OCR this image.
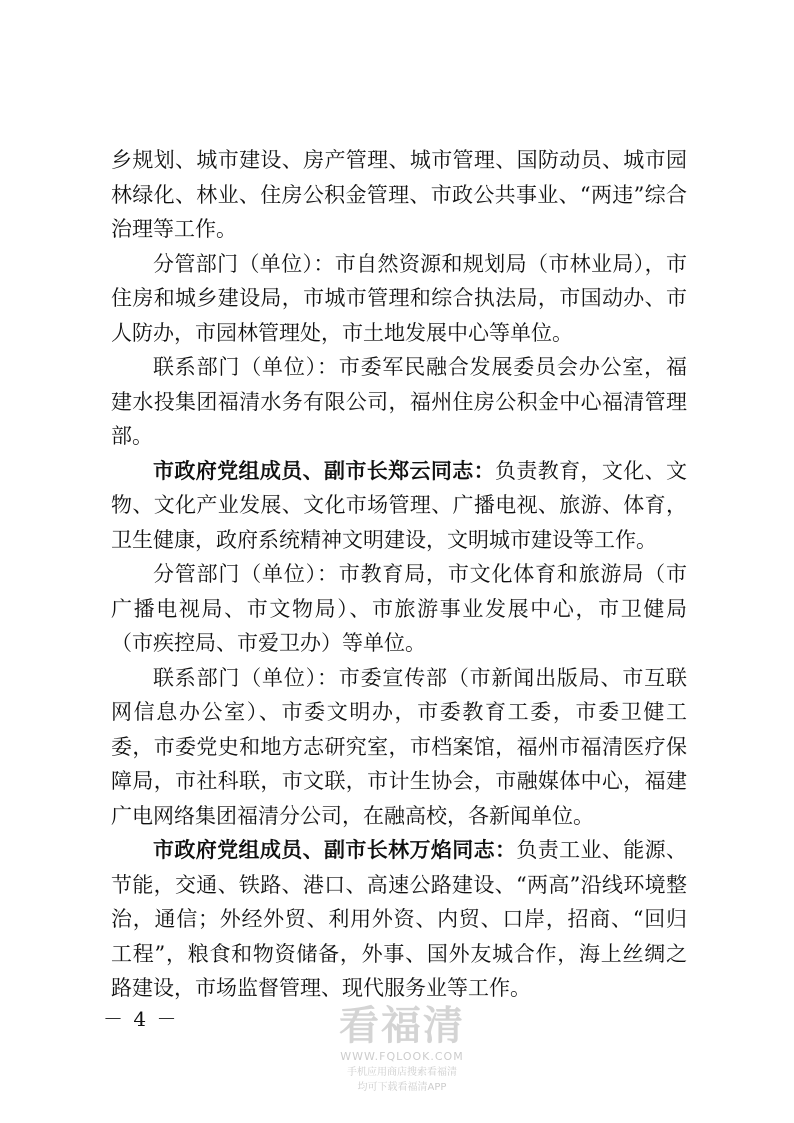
乡规划、城市建设、房产管理、城市管理、国防动员、城市园林绿化、林业、住房公积金管理、市政公共事业、“两违”综合治理等工作。

分管部门（单位）：市自然资源和规划局（市林业局），市住房和城乡建设局，市城市管理和综合执法局，市国动办、市人防办，市园林管理处，市土地发展中心等单位。

联系部门（单位）：市委军民融合发展委员会办公室，福建水投集团福清水务有限公司，福州住房公积金中心福清管理部。

市政府党组成员、副市长郑云同志：负责教育，文化、文物、文化产业发展、文化市场管理、广播电视、旅游、体育，卫生健康，政府系统精神文明建设，文明城市建设等工作。

分管部门（单位）：市教育局，市文化体育和旅游局（市广播电视局、市文物局）、市旅游事业发展中心，市卫健局（市疾控局、市爱卫办）等单位。

联系部门（单位）：市委宣传部（市新闻出版局、市互联网信息办公室）、市委文明办，市委教育工委，市委卫健工委，市委党史和地方志研究室，市档案馆，福州市福清医疗保障局，市社科联，市文联，市计生协会，市融媒体中心，福建广电网络集团福清分公司，在融高校，各新闻单位。

市政府党组成员、副市长林万焰同志：负责工业、能源、节能，交通、铁路、港口、高速公路建设、“两高”沿线环境整治，通信；外经外贸、利用外资、内贸、口岸，招商、“回归工程”，粮食和物资储备，外事、国外友城合作，海上丝绸之路建设，市场监督管理、现代服务业等工作。

－ 4 －	看福清
WWW.FQLOOK.COM
手机应用商店搜索看福清
均可下载看福清APP
